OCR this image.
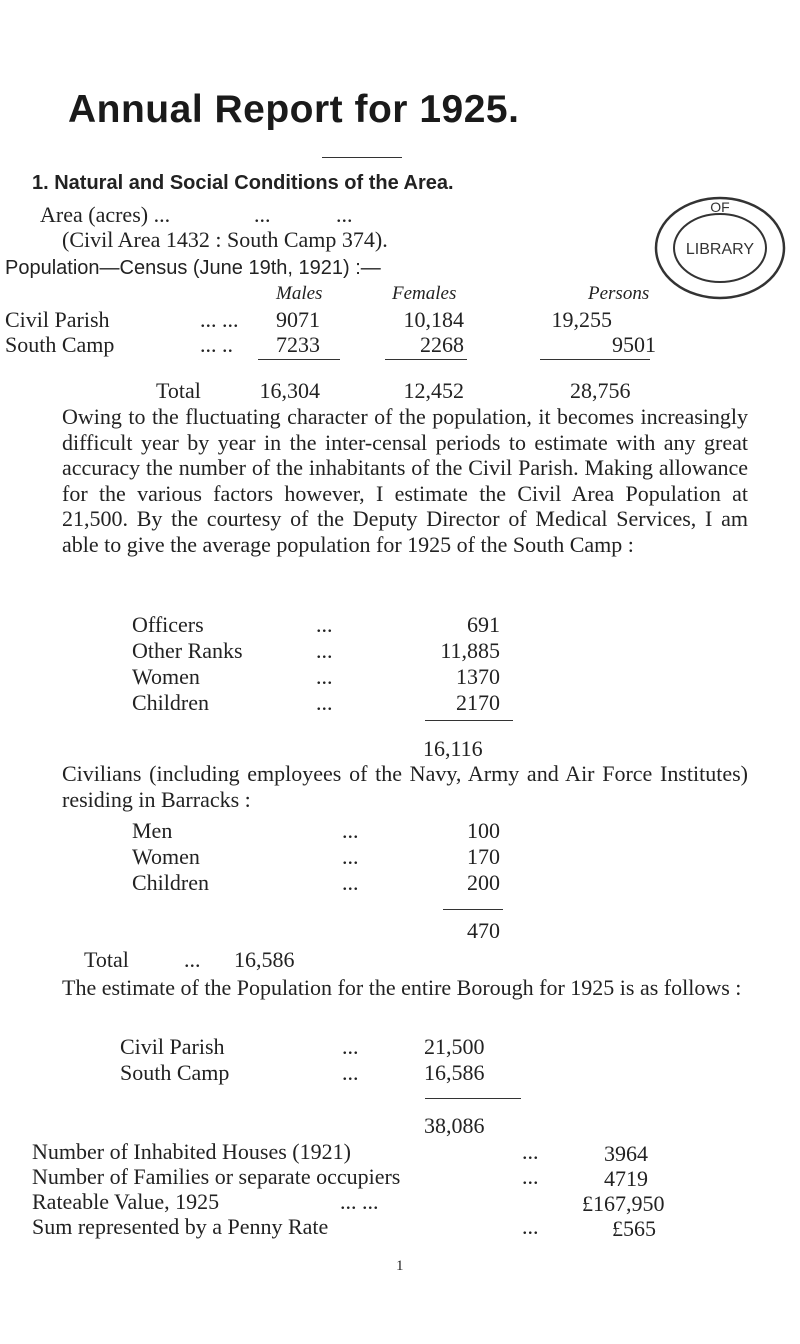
Annual Report for 1925.
OF
LIBRARY
1. Natural and Social Conditions of the Area.
Area (acres) ...	...	...
(Civil Area 1432 : South Camp 374).
Population—Census (June 19th, 1921) :—
Males	Females	Persons
Civil Parish	... ...	9071	10,184	19,255
South Camp	... ..	7233	2268	9501
Total	16,304	12,452	28,756
Owing to the fluctuating character of the population, it becomes increasingly difficult year by year in the inter-censal periods to estimate with any great accuracy the number of the inhabitants of the Civil Parish. Making allowance for the various factors however, I estimate the Civil Area Population at 21,500. By the courtesy of the Deputy Director of Medical Services, I am able to give the average population for 1925 of the South Camp :
Officers	...	691
Other Ranks	...	11,885
Women	...	1370
Children	...	2170
16,116
Civilians (including employees of the Navy, Army and Air Force Institutes) residing in Barracks :
Men	...	100
Women	...	170
Children	...	200
470
Total	... 16,586
The estimate of the Population for the entire Borough for 1925 is as follows :
Civil Parish	...	21,500
South Camp	...	16,586
38,086
Number of Inhabited Houses (1921)	...	3964
Number of Families or separate occupiers	...	4719
Rateable Value, 1925	... ...	£167,950
Sum represented by a Penny Rate	...	£565
1
